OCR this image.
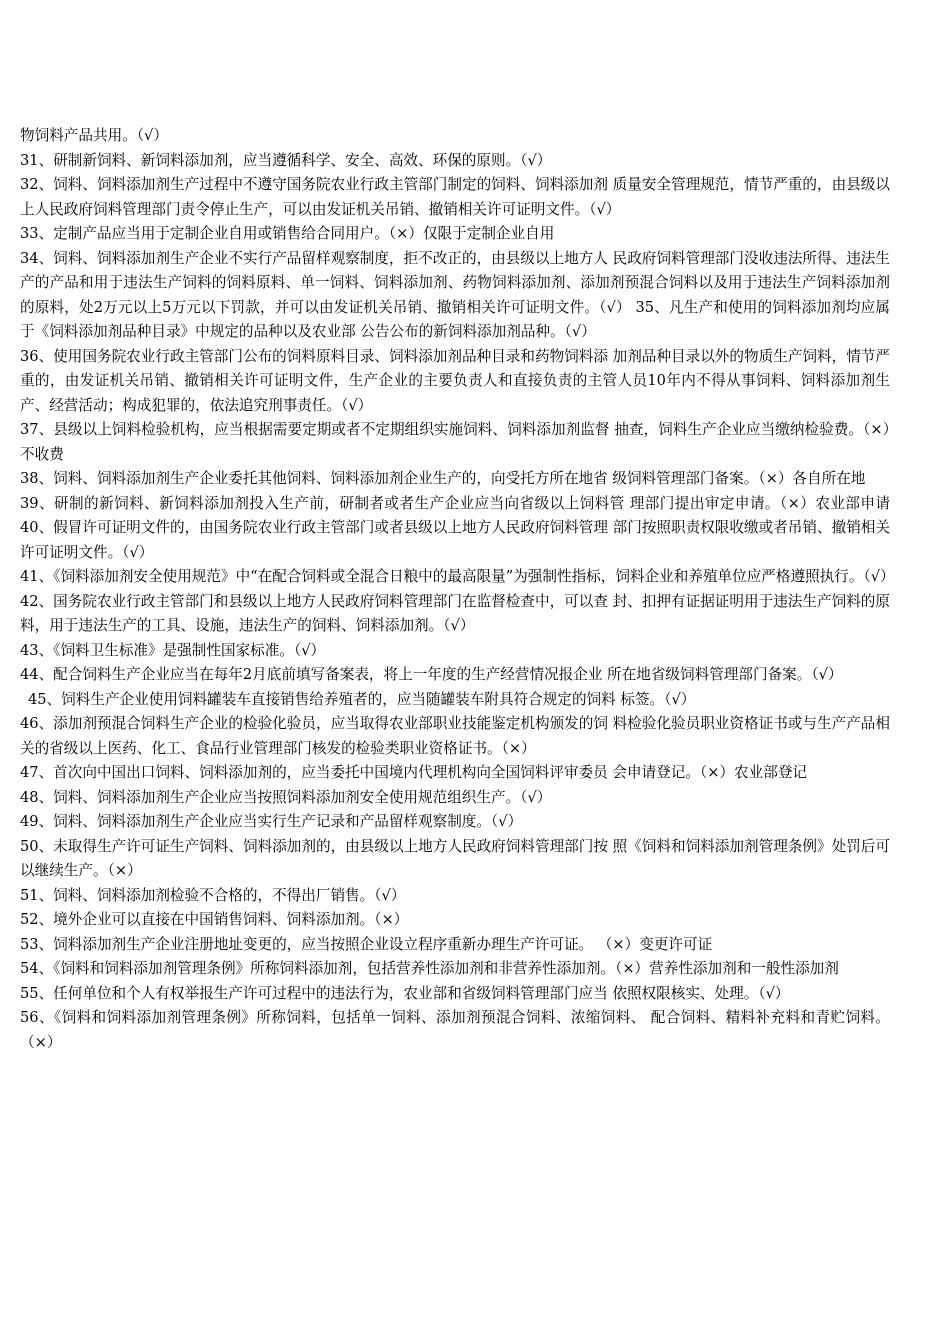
物饲料产品共用。（√）

31、研制新饲料、新饲料添加剂，应当遵循科学、安全、高效、环保的原则。（√）

32、饲料、饲料添加剂生产过程中不遵守国务院农业行政主管部门制定的饲料、饲料添加剂 质量安全管理规范，情节严重的，由县级以上人民政府饲料管理部门责令停止生产，可以由发证机关吊销、撤销相关许可证明文件。（√）

33、定制产品应当用于定制企业自用或销售给合同用户。（×）仅限于定制企业自用

34、饲料、饲料添加剂生产企业不实行产品留样观察制度，拒不改正的，由县级以上地方人 民政府饲料管理部门没收违法所得、违法生产的产品和用于违法生产饲料的饲料原料、单一饲料、饲料添加剂、药物饲料添加剂、添加剂预混合饲料以及用于违法生产饲料添加剂的原料，处2万元以上5万元以下罚款，并可以由发证机关吊销、撤销相关许可证明文件。（√） 35、凡生产和使用的饲料添加剂均应属于《饲料添加剂品种目录》中规定的品种以及农业部 公告公布的新饲料添加剂品种。（√）

36、使用国务院农业行政主管部门公布的饲料原料目录、饲料添加剂品种目录和药物饲料添 加剂品种目录以外的物质生产饲料，情节严重的，由发证机关吊销、撤销相关许可证明文件，生产企业的主要负责人和直接负责的主管人员10年内不得从事饲料、饲料添加剂生产、经营活动；构成犯罪的，依法追究刑事责任。（√）

37、县级以上饲料检验机构，应当根据需要定期或者不定期组织实施饲料、饲料添加剂监督 抽查，饲料生产企业应当缴纳检验费。（×）不收费

38、饲料、饲料添加剂生产企业委托其他饲料、饲料添加剂企业生产的，向受托方所在地省 级饲料管理部门备案。（×）各自所在地

39、研制的新饲料、新饲料添加剂投入生产前，研制者或者生产企业应当向省级以上饲料管 理部门提出审定申请。（×）农业部申请 40、假冒许可证明文件的，由国务院农业行政主管部门或者县级以上地方人民政府饲料管理 部门按照职责权限收缴或者吊销、撤销相关许可证明文件。（√）

41、《饲料添加剂安全使用规范》中“在配合饲料或全混合日粮中的最高限量”为强制性指标，饲料企业和养殖单位应严格遵照执行。（√）

42、国务院农业行政主管部门和县级以上地方人民政府饲料管理部门在监督检查中，可以查 封、扣押有证据证明用于违法生产饲料的原料，用于违法生产的工具、设施，违法生产的饲料、饲料添加剂。（√）

43、《饲料卫生标准》是强制性国家标准。（√）

44、配合饲料生产企业应当在每年2月底前填写备案表，将上一年度的生产经营情况报企业 所在地省级饲料管理部门备案。（√）

45、饲料生产企业使用饲料罐装车直接销售给养殖者的，应当随罐装车附具符合规定的饲料 标签。（√）

46、添加剂预混合饲料生产企业的检验化验员，应当取得农业部职业技能鉴定机构颁发的饲 料检验化验员职业资格证书或与生产产品相关的省级以上医药、化工、食品行业管理部门核发的检验类职业资格证书。（×）

47、首次向中国出口饲料、饲料添加剂的，应当委托中国境内代理机构向全国饲料评审委员 会申请登记。（×）农业部登记

48、饲料、饲料添加剂生产企业应当按照饲料添加剂安全使用规范组织生产。（√）

49、饲料、饲料添加剂生产企业应当实行生产记录和产品留样观察制度。（√）

50、未取得生产许可证生产饲料、饲料添加剂的，由县级以上地方人民政府饲料管理部门按 照《饲料和饲料添加剂管理条例》处罚后可以继续生产。（×）

51、饲料、饲料添加剂检验不合格的，不得出厂销售。（√）

52、境外企业可以直接在中国销售饲料、饲料添加剂。（×）

53、饲料添加剂生产企业注册地址变更的，应当按照企业设立程序重新办理生产许可证。 （×）变更许可证

54、《饲料和饲料添加剂管理条例》所称饲料添加剂，包括营养性添加剂和非营养性添加剂。（×）营养性添加剂和一般性添加剂

55、任何单位和个人有权举报生产许可过程中的违法行为，农业部和省级饲料管理部门应当 依照权限核实、处理。（√）

56、《饲料和饲料添加剂管理条例》所称饲料，包括单一饲料、添加剂预混合饲料、浓缩饲料、 配合饲料、精料补充料和青贮饲料。（×）
